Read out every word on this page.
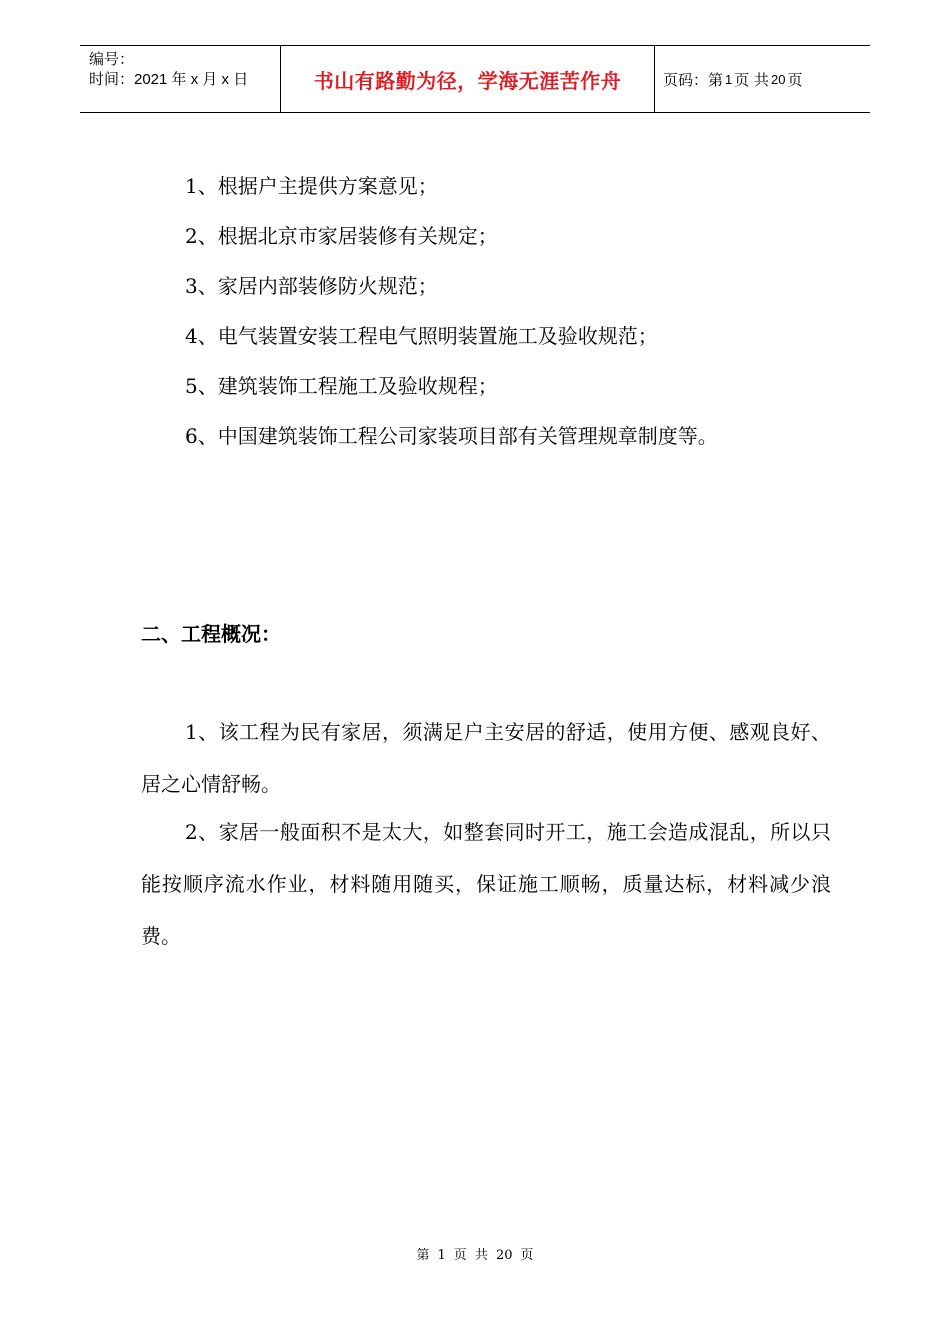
编号：
时间：2021 年 x 月 x 日	书山有路勤为径，学海无涯苦作舟	页码：第 1 页 共 20 页
1、根据户主提供方案意见；
2、根据北京市家居装修有关规定；
3、家居内部装修防火规范；
4、电气装置安装工程电气照明装置施工及验收规范；
5、建筑装饰工程施工及验收规程；
6、中国建筑装饰工程公司家装项目部有关管理规章制度等。
二、工程概况：
1、该工程为民有家居，须满足户主安居的舒适，使用方便、感观良好、居之心情舒畅。
2、家居一般面积不是太大，如整套同时开工，施工会造成混乱，所以只能按顺序流水作业，材料随用随买，保证施工顺畅，质量达标，材料减少浪费。
第 1 页 共 20 页
